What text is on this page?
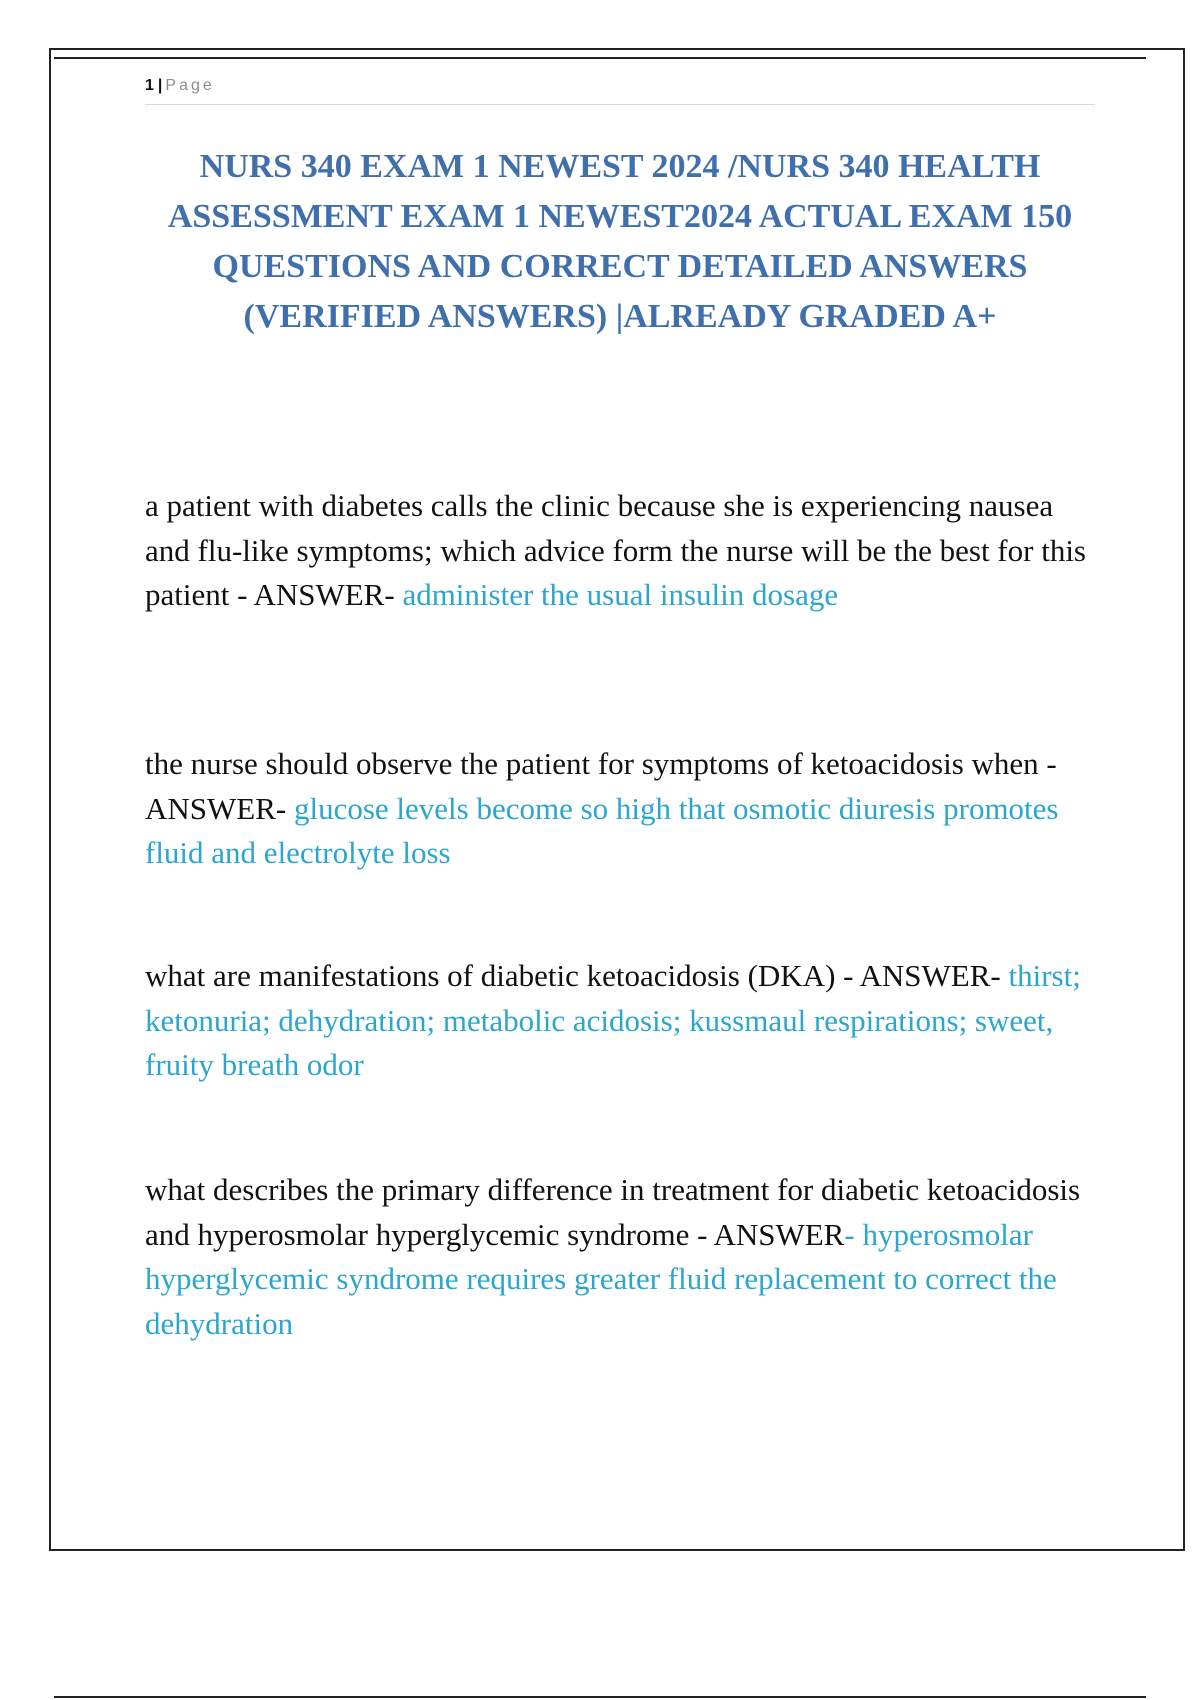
1 | Page
NURS 340 EXAM 1 NEWEST 2024 /NURS 340 HEALTH ASSESSMENT EXAM 1 NEWEST2024 ACTUAL EXAM 150 QUESTIONS AND CORRECT DETAILED ANSWERS (VERIFIED ANSWERS) |ALREADY GRADED A+

a patient with diabetes calls the clinic because she is experiencing nausea and flu-like symptoms; which advice form the nurse will be the best for this patient - ANSWER- administer the usual insulin dosage

the nurse should observe the patient for symptoms of ketoacidosis when - ANSWER- glucose levels become so high that osmotic diuresis promotes fluid and electrolyte loss

what are manifestations of diabetic ketoacidosis (DKA) - ANSWER- thirst; ketonuria; dehydration; metabolic acidosis; kussmaul respirations; sweet, fruity breath odor

what describes the primary difference in treatment for diabetic ketoacidosis and hyperosmolar hyperglycemic syndrome - ANSWER- hyperosmolar hyperglycemic syndrome requires greater fluid replacement to correct the dehydration
